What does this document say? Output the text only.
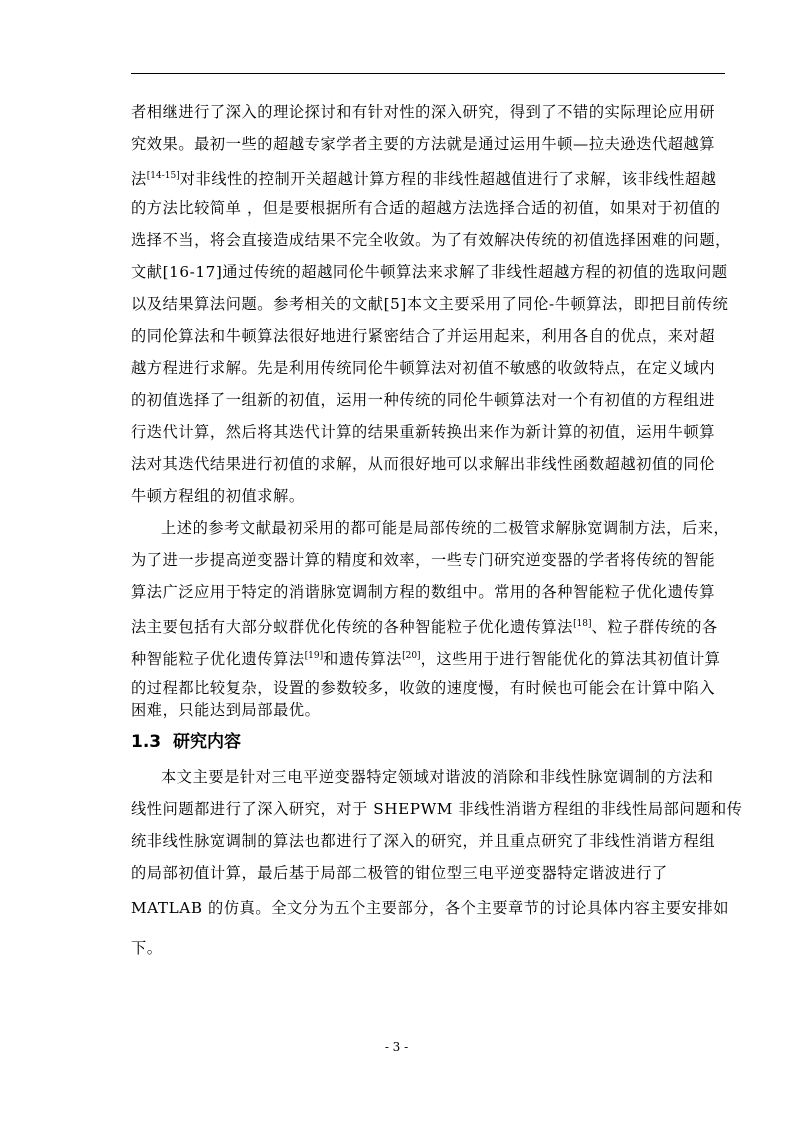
者相继进行了深入的理论探讨和有针对性的深入研究，得到了不错的实际理论应用研
究效果。最初一些的超越专家学者主要的方法就是通过运用牛顿—拉夫逊迭代超越算
法[14-15]对非线性的控制开关超越计算方程的非线性超越值进行了求解，该非线性超越
的方法比较简单 ，但是要根据所有合适的超越方法选择合适的初值，如果对于初值的
选择不当，将会直接造成结果不完全收敛。为了有效解决传统的初值选择困难的问题，
文献[16-17]通过传统的超越同伦牛顿算法来求解了非线性超越方程的初值的选取问题
以及结果算法问题。参考相关的文献[5]本文主要采用了同伦-牛顿算法，即把目前传统
的同伦算法和牛顿算法很好地进行紧密结合了并运用起来，利用各自的优点，来对超
越方程进行求解。先是利用传统同伦牛顿算法对初值不敏感的收敛特点，在定义域内
的初值选择了一组新的初值，运用一种传统的同伦牛顿算法对一个有初值的方程组进
行迭代计算，然后将其迭代计算的结果重新转换出来作为新计算的初值，运用牛顿算
法对其迭代结果进行初值的求解，从而很好地可以求解出非线性函数超越初值的同伦
牛顿方程组的初值求解。
上述的参考文献最初采用的都可能是局部传统的二极管求解脉宽调制方法，后来，
为了进一步提高逆变器计算的精度和效率，一些专门研究逆变器的学者将传统的智能
算法广泛应用于特定的消谐脉宽调制方程的数组中。常用的各种智能粒子优化遗传算
法主要包括有大部分蚁群优化传统的各种智能粒子优化遗传算法[18]、粒子群传统的各
种智能粒子优化遗传算法[19]和遗传算法[20]，这些用于进行智能优化的算法其初值计算
的过程都比较复杂，设置的参数较多，收敛的速度慢，有时候也可能会在计算中陷入
困难，只能达到局部最优。
1.3 研究内容
本文主要是针对三电平逆变器特定领域对谐波的消除和非线性脉宽调制的方法和
线性问题都进行了深入研究，对于 SHEPWM 非线性消谐方程组的非线性局部问题和传
统非线性脉宽调制的算法也都进行了深入的研究，并且重点研究了非线性消谐方程组
的局部初值计算，最后基于局部二极管的钳位型三电平逆变器特定谐波进行了
MATLAB 的仿真。全文分为五个主要部分，各个主要章节的讨论具体内容主要安排如
下。
- 3 -
